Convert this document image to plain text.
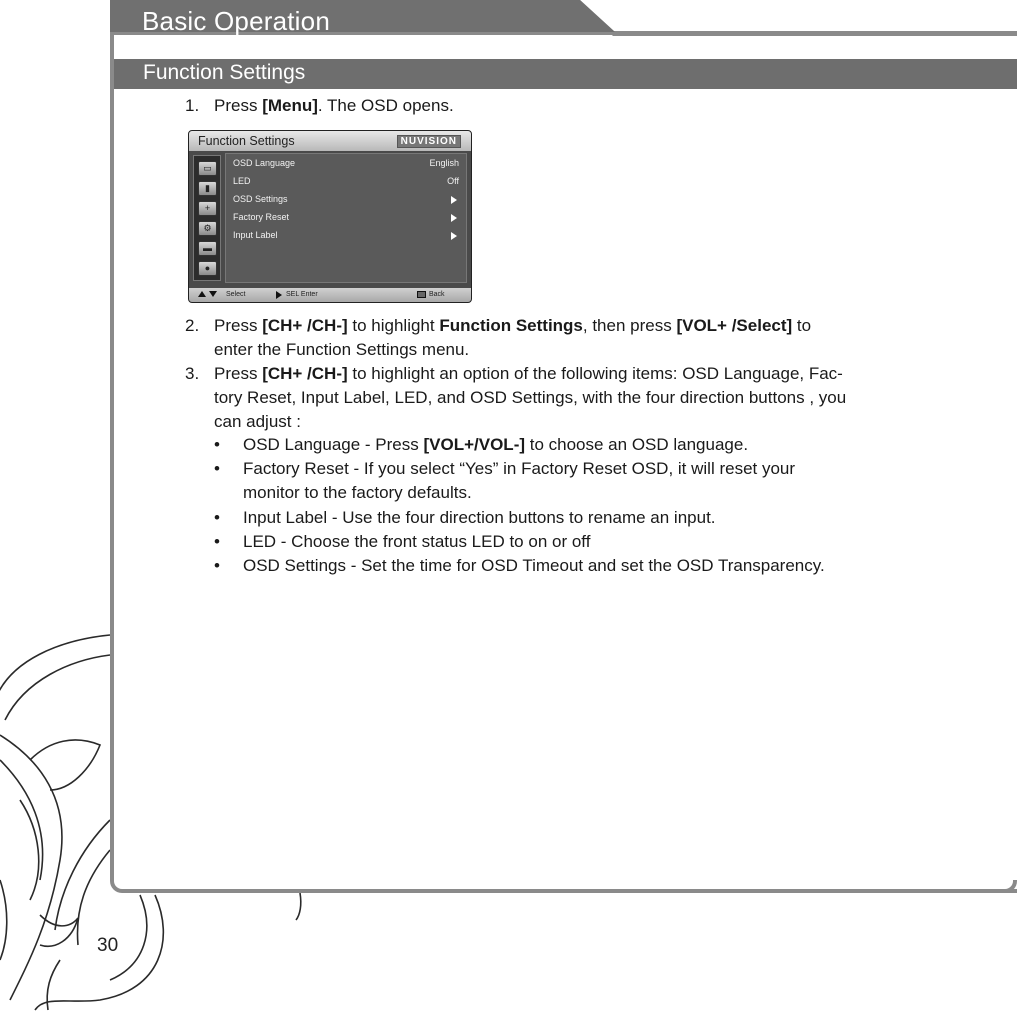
Basic Operation
Function Settings
1. Press [Menu]. The OSD opens.
Function Settings	NUVISION
▭
▮
+
⚙
▬
●
OSD Language	English
LED	Off
OSD Settings
Factory Reset
Input Label
Select	SEL Enter	Back
2. Press [CH+ /CH-] to highlight Function Settings, then press [VOL+ /Select] to
enter the Function Settings menu.
3. Press [CH+ /CH-] to highlight an option of the following items: OSD Language, Fac-
tory Reset, Input Label, LED, and OSD Settings, with the four direction buttons , you
can adjust :
• OSD Language - Press [VOL+/VOL-] to choose an OSD language.
• Factory Reset - If you select “Yes” in Factory Reset OSD, it will reset your
monitor to the factory defaults.
• Input Label - Use the four direction buttons to rename an input.
• LED - Choose the front status LED to on or off
• OSD Settings - Set the time for OSD Timeout and set the OSD Transparency.
30
